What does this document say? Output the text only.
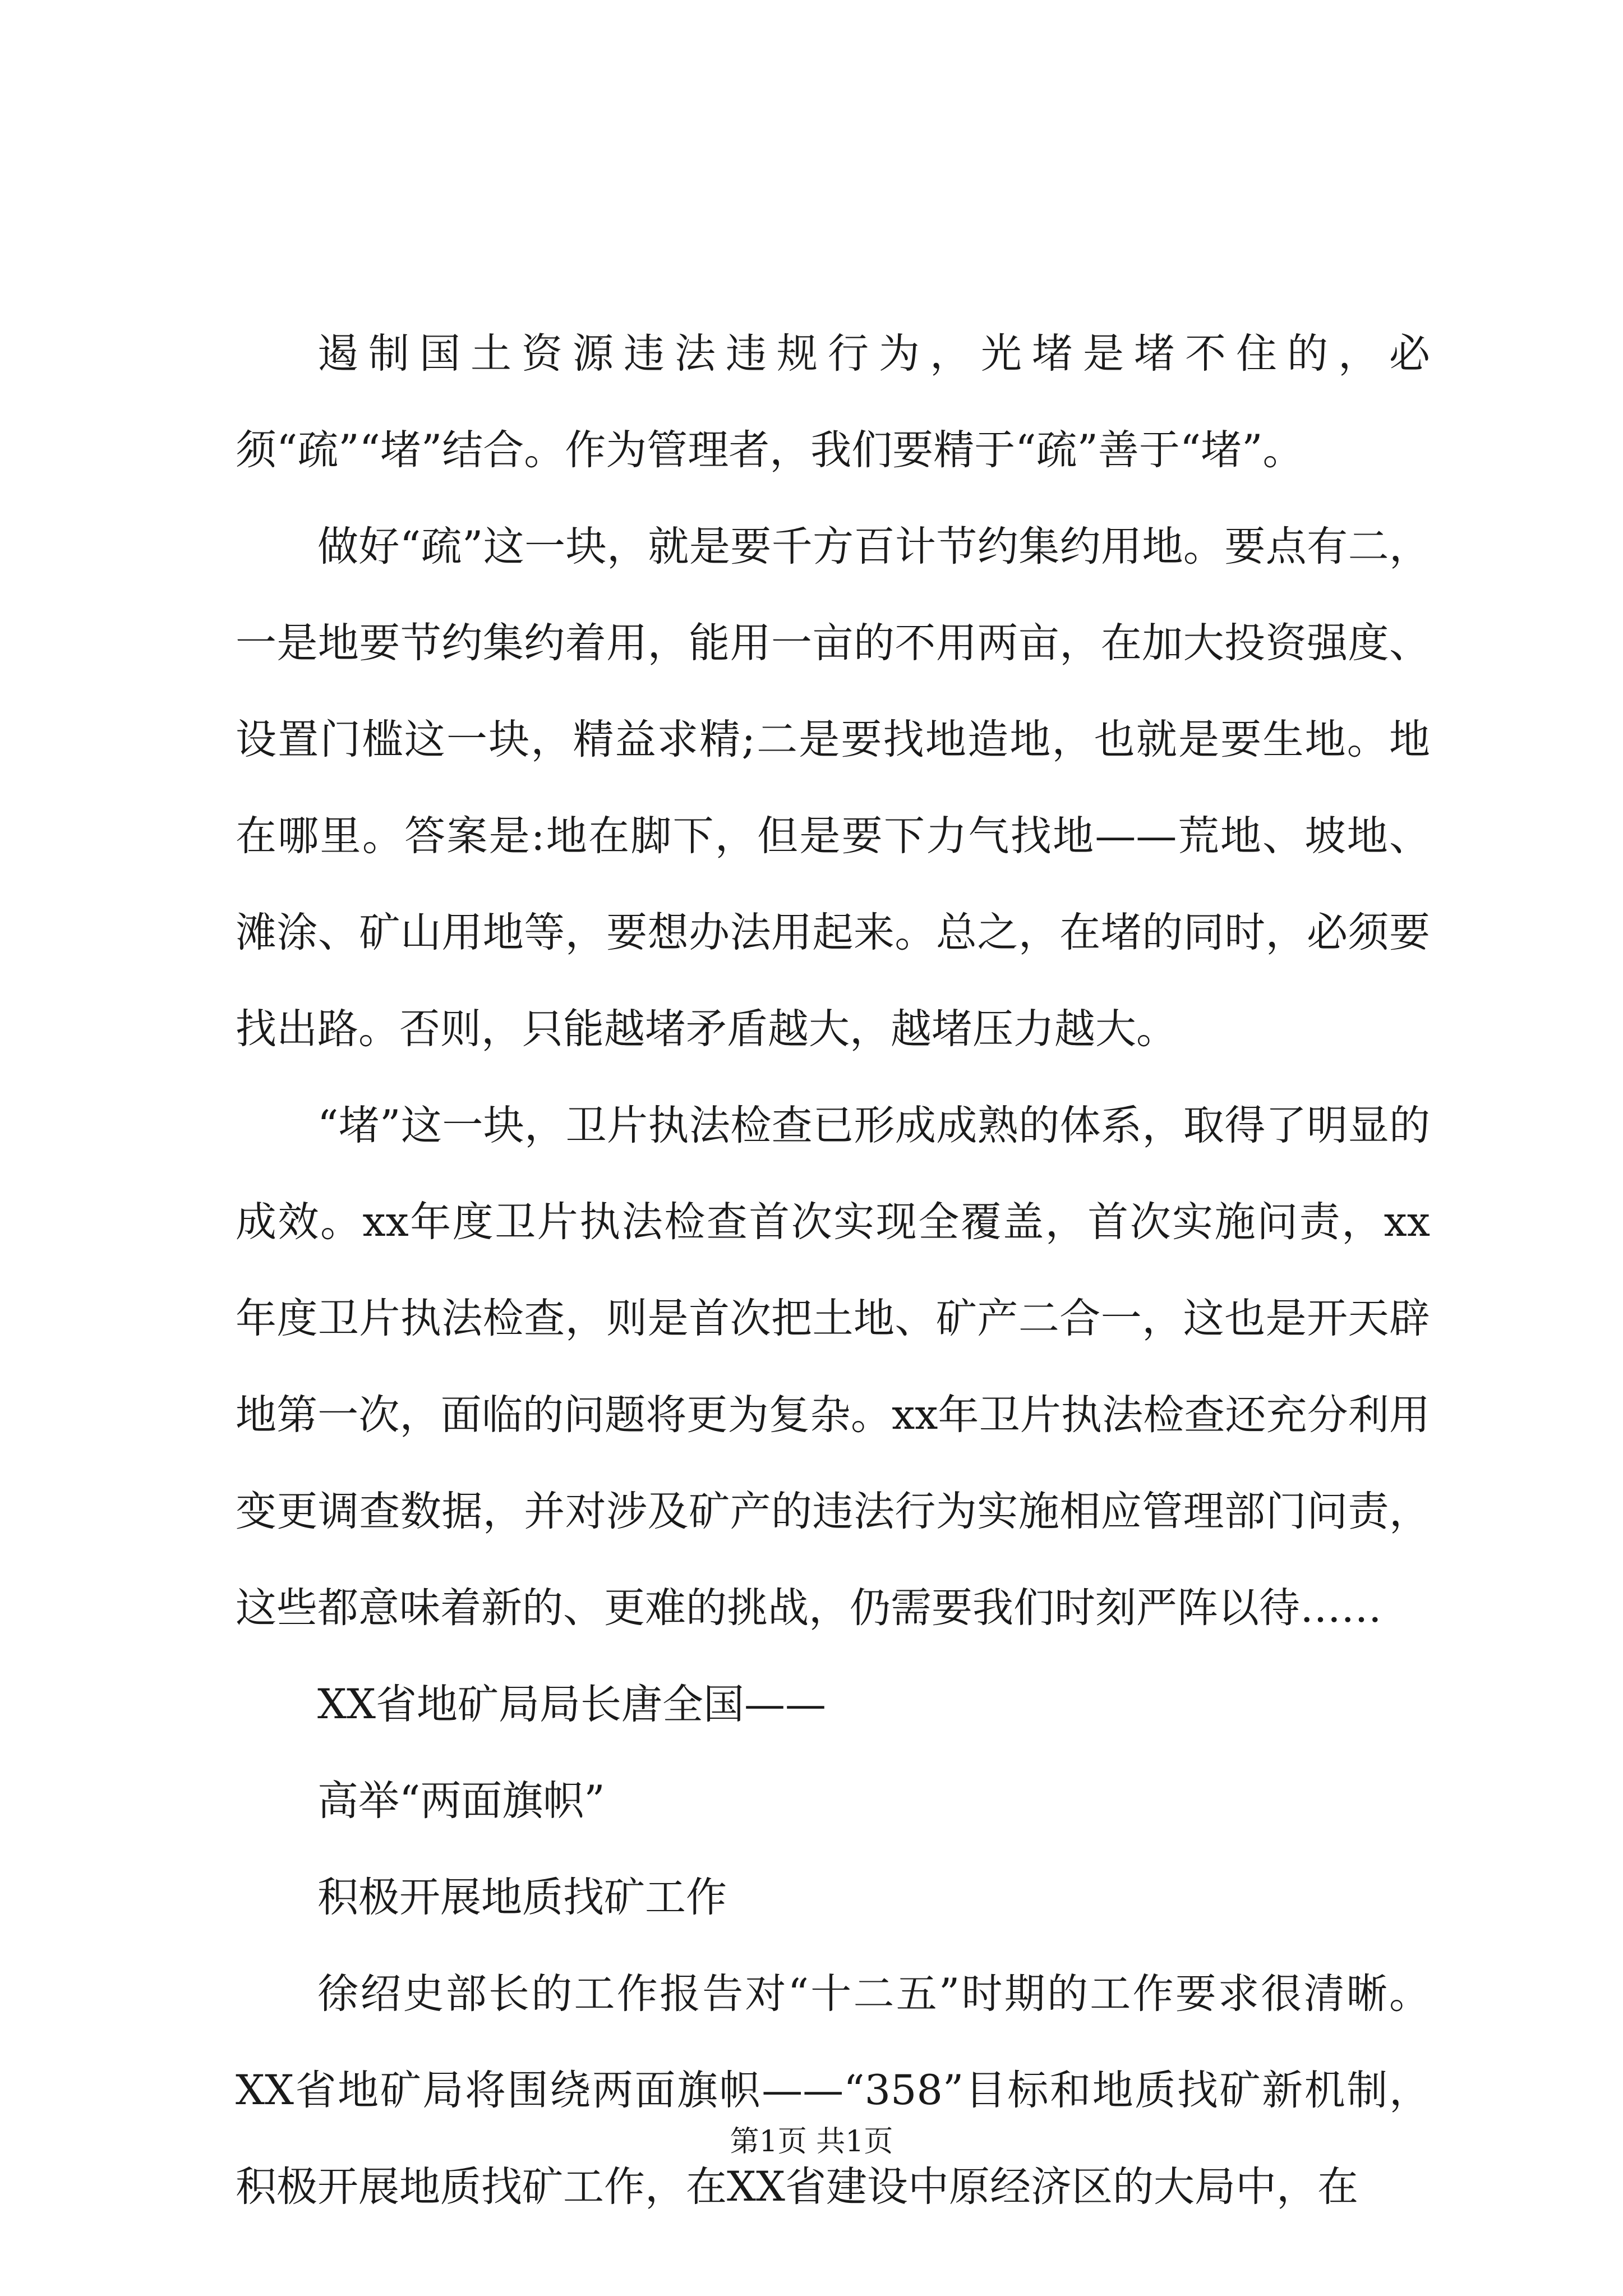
遏制国土资源违法违规行为，光堵是堵不住的，必须“疏”“堵”结合。作为管理者，我们要精于“疏”善于“堵”。

做好“疏”这一块，就是要千方百计节约集约用地。要点有二，一是地要节约集约着用，能用一亩的不用两亩，在加大投资强度、设置门槛这一块，精益求精;二是要找地造地，也就是要生地。地在哪里。答案是:地在脚下，但是要下力气找地——荒地、坡地、滩涂、矿山用地等，要想办法用起来。总之，在堵的同时，必须要找出路。否则，只能越堵矛盾越大，越堵压力越大。

“堵”这一块，卫片执法检查已形成成熟的体系，取得了明显的成效。xx年度卫片执法检查首次实现全覆盖，首次实施问责，xx年度卫片执法检查，则是首次把土地、矿产二合一，这也是开天辟地第一次，面临的问题将更为复杂。xx年卫片执法检查还充分利用变更调查数据，并对涉及矿产的违法行为实施相应管理部门问责，这些都意味着新的、更难的挑战，仍需要我们时刻严阵以待……

XX省地矿局局长唐全国——

高举“两面旗帜”

积极开展地质找矿工作

徐绍史部长的工作报告对“十二五”时期的工作要求很清晰。XX省地矿局将围绕两面旗帜——“358”目标和地质找矿新机制，积极开展地质找矿工作，在XX省建设中原经济区的大局中，在

第1页 共1页
